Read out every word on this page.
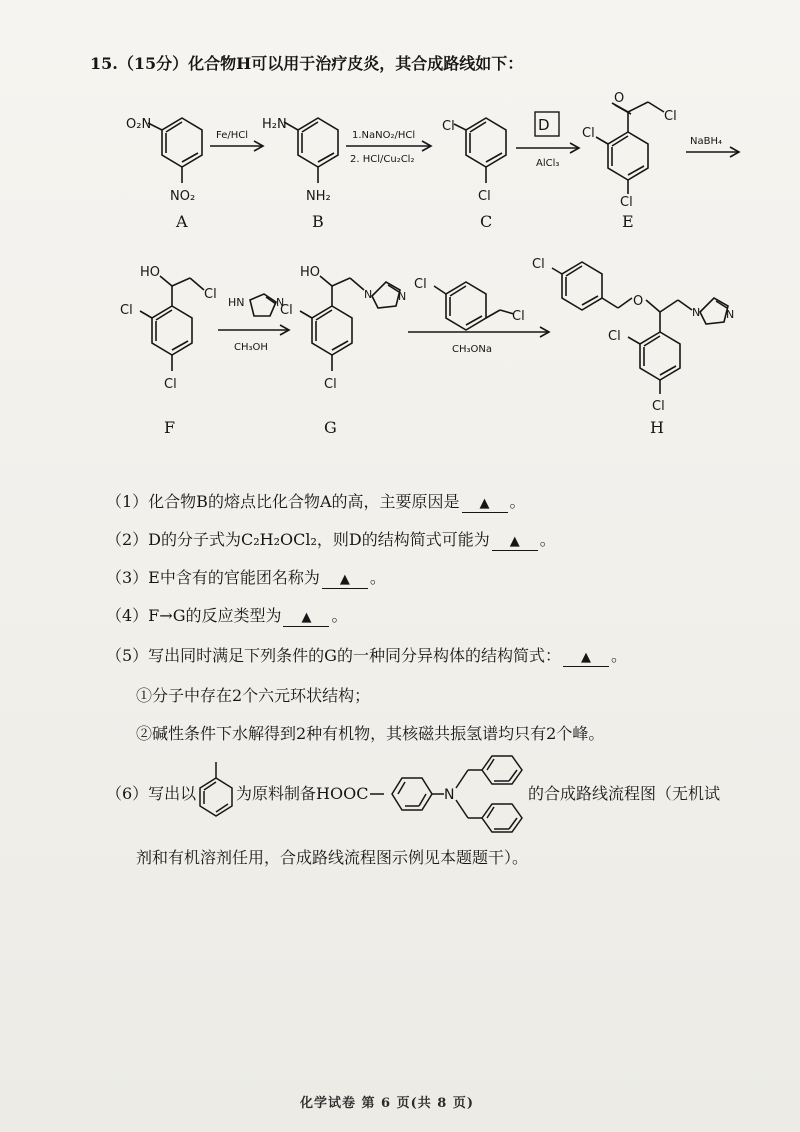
15.（15分）化合物H可以用于治疗皮炎，其合成路线如下：
O₂N
NO₂
H₂N
NH₂
Cl
Cl
O
Cl
Cl
Cl
D
Fe/HCl	1.NaNO₂/HCl
2. HCl/Cu₂Cl₂	AlCl₃
NaBH₄
A	B	C	E
HO
Cl
Cl
Cl
HN	N
HO
N N
Cl
Cl
Cl
Cl
Cl
O
N N
Cl
Cl
CH₃OH	CH₃ONa
F	G	H
（1）化合物B的熔点比化合物A的高，主要原因是 ▲ 。
（2）D的分子式为C₂H₂OCl₂，则D的结构简式可能为 ▲ 。
（3）E中含有的官能团名称为 ▲ 。
（4）F→G的反应类型为 ▲ 。
（5）写出同时满足下列条件的G的一种同分异构体的结构简式： ▲ 。
①分子中存在2个六元环状结构；
②碱性条件下水解得到2种有机物，其核磁共振氢谱均只有2个峰。
（6）写出以 为原料制备HOOC	N	的合成路线流程图（无机试
剂和有机溶剂任用，合成路线流程图示例见本题题干）。
化学试卷 第 6 页(共 8 页)
